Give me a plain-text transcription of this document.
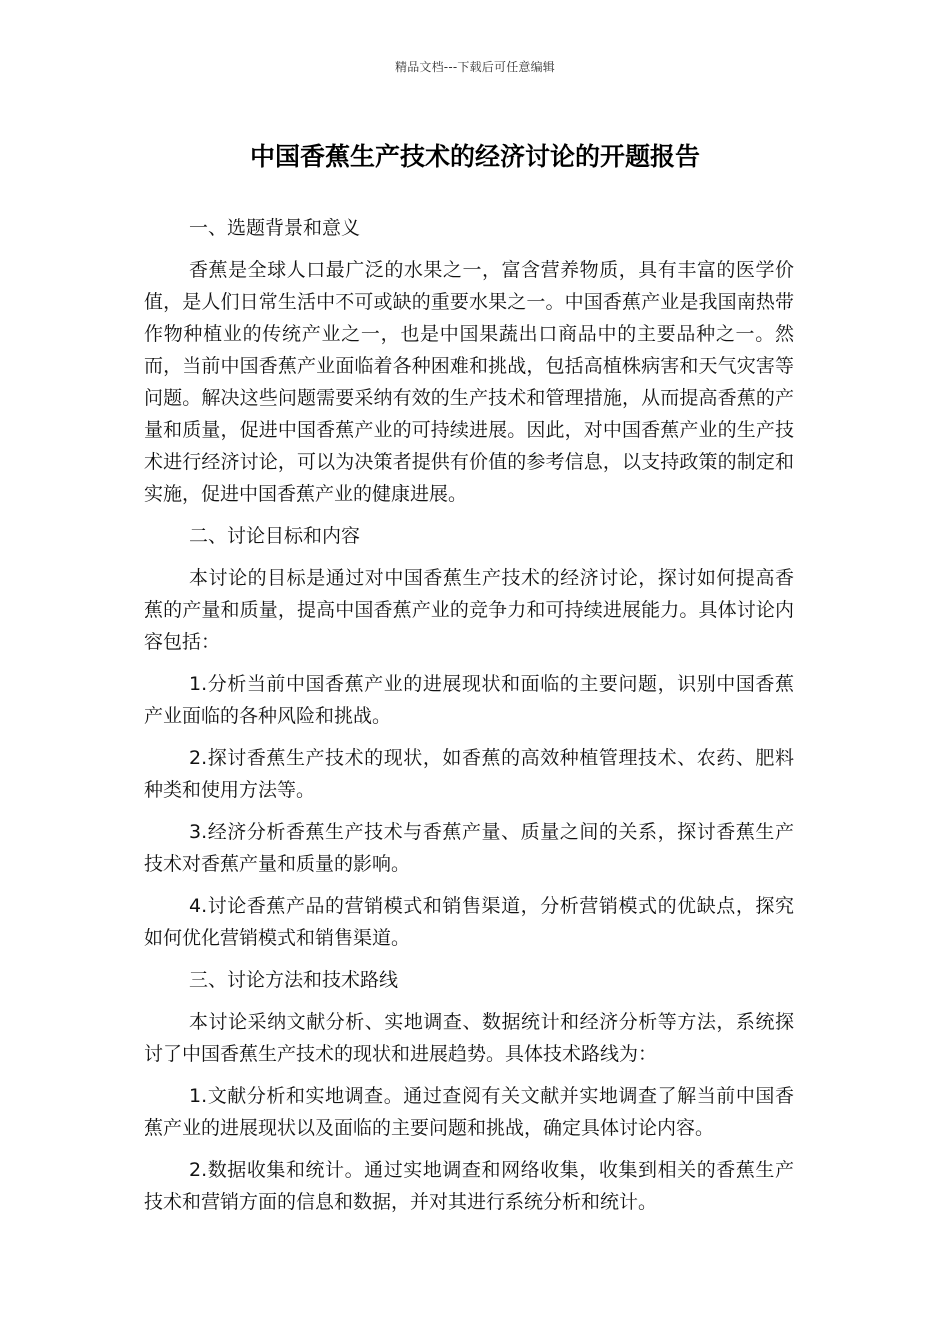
精品文档---下载后可任意编辑
中国香蕉生产技术的经济讨论的开题报告

一、选题背景和意义

香蕉是全球人口最广泛的水果之一，富含营养物质，具有丰富的医学价值，是人们日常生活中不可或缺的重要水果之一。中国香蕉产业是我国南热带作物种植业的传统产业之一，也是中国果蔬出口商品中的主要品种之一。然而，当前中国香蕉产业面临着各种困难和挑战，包括高植株病害和天气灾害等问题。解决这些问题需要采纳有效的生产技术和管理措施，从而提高香蕉的产量和质量，促进中国香蕉产业的可持续进展。因此，对中国香蕉产业的生产技术进行经济讨论，可以为决策者提供有价值的参考信息，以支持政策的制定和实施，促进中国香蕉产业的健康进展。

二、讨论目标和内容

本讨论的目标是通过对中国香蕉生产技术的经济讨论，探讨如何提高香蕉的产量和质量，提高中国香蕉产业的竞争力和可持续进展能力。具体讨论内容包括：

1.分析当前中国香蕉产业的进展现状和面临的主要问题，识别中国香蕉产业面临的各种风险和挑战。

2.探讨香蕉生产技术的现状，如香蕉的高效种植管理技术、农药、肥料种类和使用方法等。

3.经济分析香蕉生产技术与香蕉产量、质量之间的关系，探讨香蕉生产技术对香蕉产量和质量的影响。

4.讨论香蕉产品的营销模式和销售渠道，分析营销模式的优缺点，探究如何优化营销模式和销售渠道。

三、讨论方法和技术路线

本讨论采纳文献分析、实地调查、数据统计和经济分析等方法，系统探讨了中国香蕉生产技术的现状和进展趋势。具体技术路线为：

1.文献分析和实地调查。通过查阅有关文献并实地调查了解当前中国香蕉产业的进展现状以及面临的主要问题和挑战，确定具体讨论内容。

2.数据收集和统计。通过实地调查和网络收集，收集到相关的香蕉生产技术和营销方面的信息和数据，并对其进行系统分析和统计。
